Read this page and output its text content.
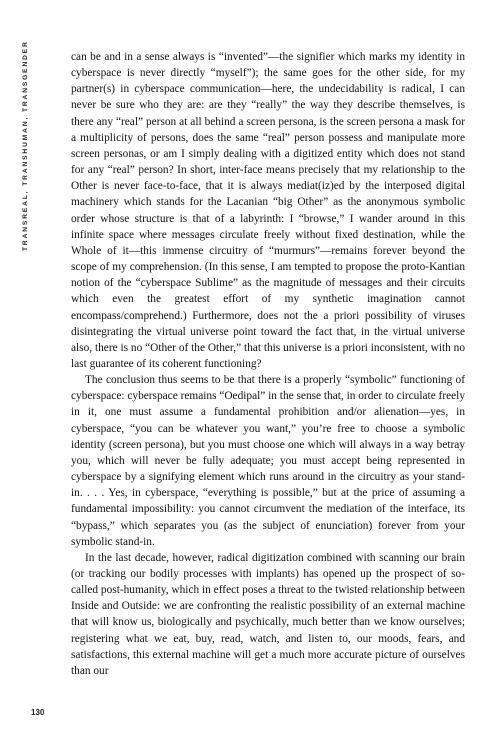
TRANSREAL, TRANSHUMAN, TRANSGENDER	can be and in a sense always is “invented”—the signifier which marks my identity in cyberspace is never directly “myself”); the same goes for the other side, for my partner(s) in cyberspace communication—here, the undecidability is radical, I can never be sure who they are: are they “really” the way they describe themselves, is there any “real” person at all behind a screen persona, is the screen persona a mask for a multiplicity of persons, does the same “real” person possess and manipulate more screen personas, or am I simply dealing with a digitized entity which does not stand for any “real” person? In short, inter-face means precisely that my relationship to the Other is never face-to-face, that it is always mediat(iz)ed by the interposed digital machinery which stands for the Lacanian “big Other” as the anonymous symbolic order whose structure is that of a labyrinth: I “browse,” I wander around in this infinite space where messages circulate freely without fixed destination, while the Whole of it—this immense circuitry of “murmurs”—remains forever beyond the scope of my comprehension. (In this sense, I am tempted to propose the proto-Kantian notion of the “cyberspace Sublime” as the magnitude of messages and their circuits which even the greatest effort of my synthetic imagination cannot encompass/comprehend.) Furthermore, does not the a priori possibility of viruses disintegrating the virtual universe point toward the fact that, in the virtual universe also, there is no “Other of the Other,” that this universe is a priori inconsistent, with no last guarantee of its coherent functioning?

The conclusion thus seems to be that there is a properly “symbolic” functioning of cyberspace: cyberspace remains “Oedipal” in the sense that, in order to circulate freely in it, one must assume a fundamental prohibition and/or alienation—yes, in cyberspace, “you can be whatever you want,” you’re free to choose a symbolic identity (screen persona), but you must choose one which will always in a way betray you, which will never be fully adequate; you must accept being represented in cyberspace by a signifying element which runs around in the circuitry as your stand-in. . . . Yes, in cyberspace, “everything is possible,” but at the price of assuming a fundamental impossibility: you cannot circumvent the mediation of the interface, its “bypass,” which separates you (as the subject of enunciation) forever from your symbolic stand-in.

In the last decade, however, radical digitization combined with scanning our brain (or tracking our bodily processes with implants) has opened up the prospect of so-called post-humanity, which in effect poses a threat to the twisted relationship between Inside and Outside: we are confronting the realistic possibility of an external machine that will know us, biologically and psychically, much better than we know ourselves; registering what we eat, buy, read, watch, and listen to, our moods, fears, and satisfactions, this external machine will get a much more accurate picture of ourselves than our

130
